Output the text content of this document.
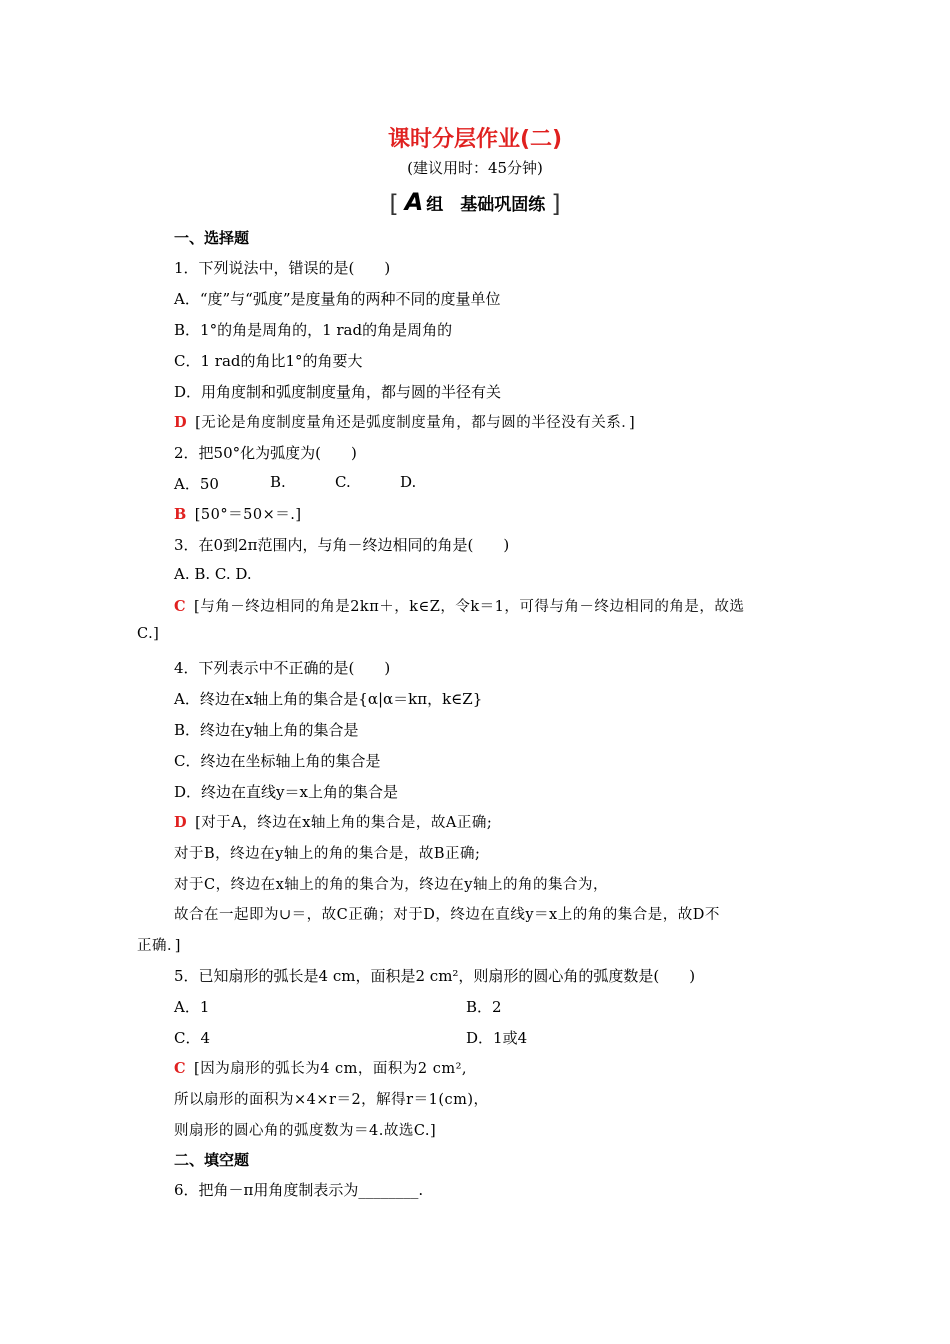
课时分层作业(二)
(建议用时：45分钟)
[ A 组　基础巩固练 ]
一、选择题
1．下列说法中，错误的是(　　)
A．“度”与“弧度”是度量角的两种不同的度量单位
B．1°的角是周角的，1 rad的角是周角的
C．1 rad的角比1°的角要大
D．用角度制和弧度制度量角，都与圆的半径有关
D [无论是角度制度量角还是弧度制度量角，都与圆的半径没有关系．]
2．把50°化为弧度为(　　)
A．50	B.	C.	D.
B [50°＝50×＝.]
3．在0到2π范围内，与角－终边相同的角是(　　)
A. B. C. D.
C [与角－终边相同的角是2kπ＋，k∈Z，令k＝1，可得与角－终边相同的角是，故选
C.]
4．下列表示中不正确的是(　　)
A．终边在x轴上角的集合是{α|α＝kπ，k∈Z}
B．终边在y轴上角的集合是
C．终边在坐标轴上角的集合是
D．终边在直线y＝x上角的集合是
D [对于A，终边在x轴上角的集合是，故A正确;
对于B，终边在y轴上的角的集合是，故B正确;
对于C，终边在x轴上的角的集合为，终边在y轴上的角的集合为，
故合在一起即为∪＝，故C正确；对于D，终边在直线y＝x上的角的集合是，故D不
正确．]
5．已知扇形的弧长是4 cm，面积是2 cm²，则扇形的圆心角的弧度数是(　　)
A．1	B．2
C．4	D．1或4
C [因为扇形的弧长为4 cm，面积为2 cm²,
所以扇形的面积为×4×r＝2，解得r＝1(cm)，
则扇形的圆心角的弧度数为＝4.故选C.]
二、填空题
6．把角－π用角度制表示为________.
